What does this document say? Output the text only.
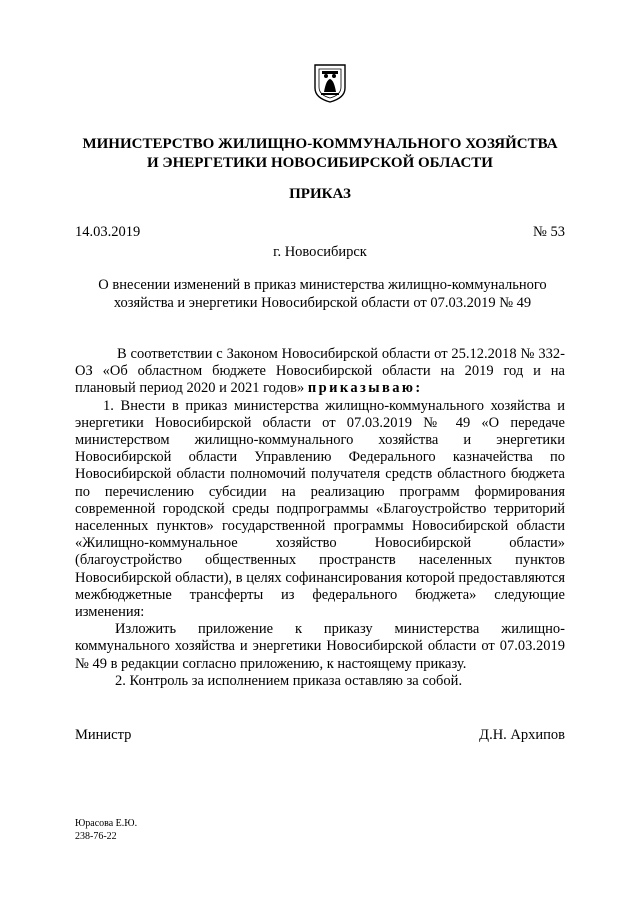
МИНИСТЕРСТВО ЖИЛИЩНО-КОММУНАЛЬНОГО ХОЗЯЙСТВА
И ЭНЕРГЕТИКИ НОВОСИБИРСКОЙ ОБЛАСТИ
ПРИКАЗ
14.03.2019	№ 53
г. Новосибирск
О внесении изменений в приказ министерства жилищно-коммунального
хозяйства и энергетики Новосибирской области от 07.03.2019 № 49

В соответствии с Законом Новосибирской области от 25.12.2018 № 332-ОЗ «Об областном бюджете Новосибирской области на 2019 год и на плановый период 2020 и 2021 годов» приказываю:

1. Внести в приказ министерства жилищно-коммунального хозяйства и энергетики Новосибирской области от 07.03.2019 № 49 «О передаче министерством жилищно-коммунального хозяйства и энергетики Новосибирской области Управлению Федерального казначейства по Новосибирской области полномочий получателя средств областного бюджета по перечислению субсидии на реализацию программ формирования современной городской среды подпрограммы «Благоустройство территорий населенных пунктов» государственной программы Новосибирской области «Жилищно-коммунальное хозяйство Новосибирской области» (благоустройство общественных пространств населенных пунктов Новосибирской области), в целях софинансирования которой предоставляются межбюджетные трансферты из федерального бюджета» следующие изменения:

Изложить приложение к приказу министерства жилищно-коммунального хозяйства и энергетики Новосибирской области от 07.03.2019 № 49 в редакции согласно приложению, к настоящему приказу.

2. Контроль за исполнением приказа оставляю за собой.

Министр	Д.Н. Архипов
Юрасова Е.Ю.
238-76-22
